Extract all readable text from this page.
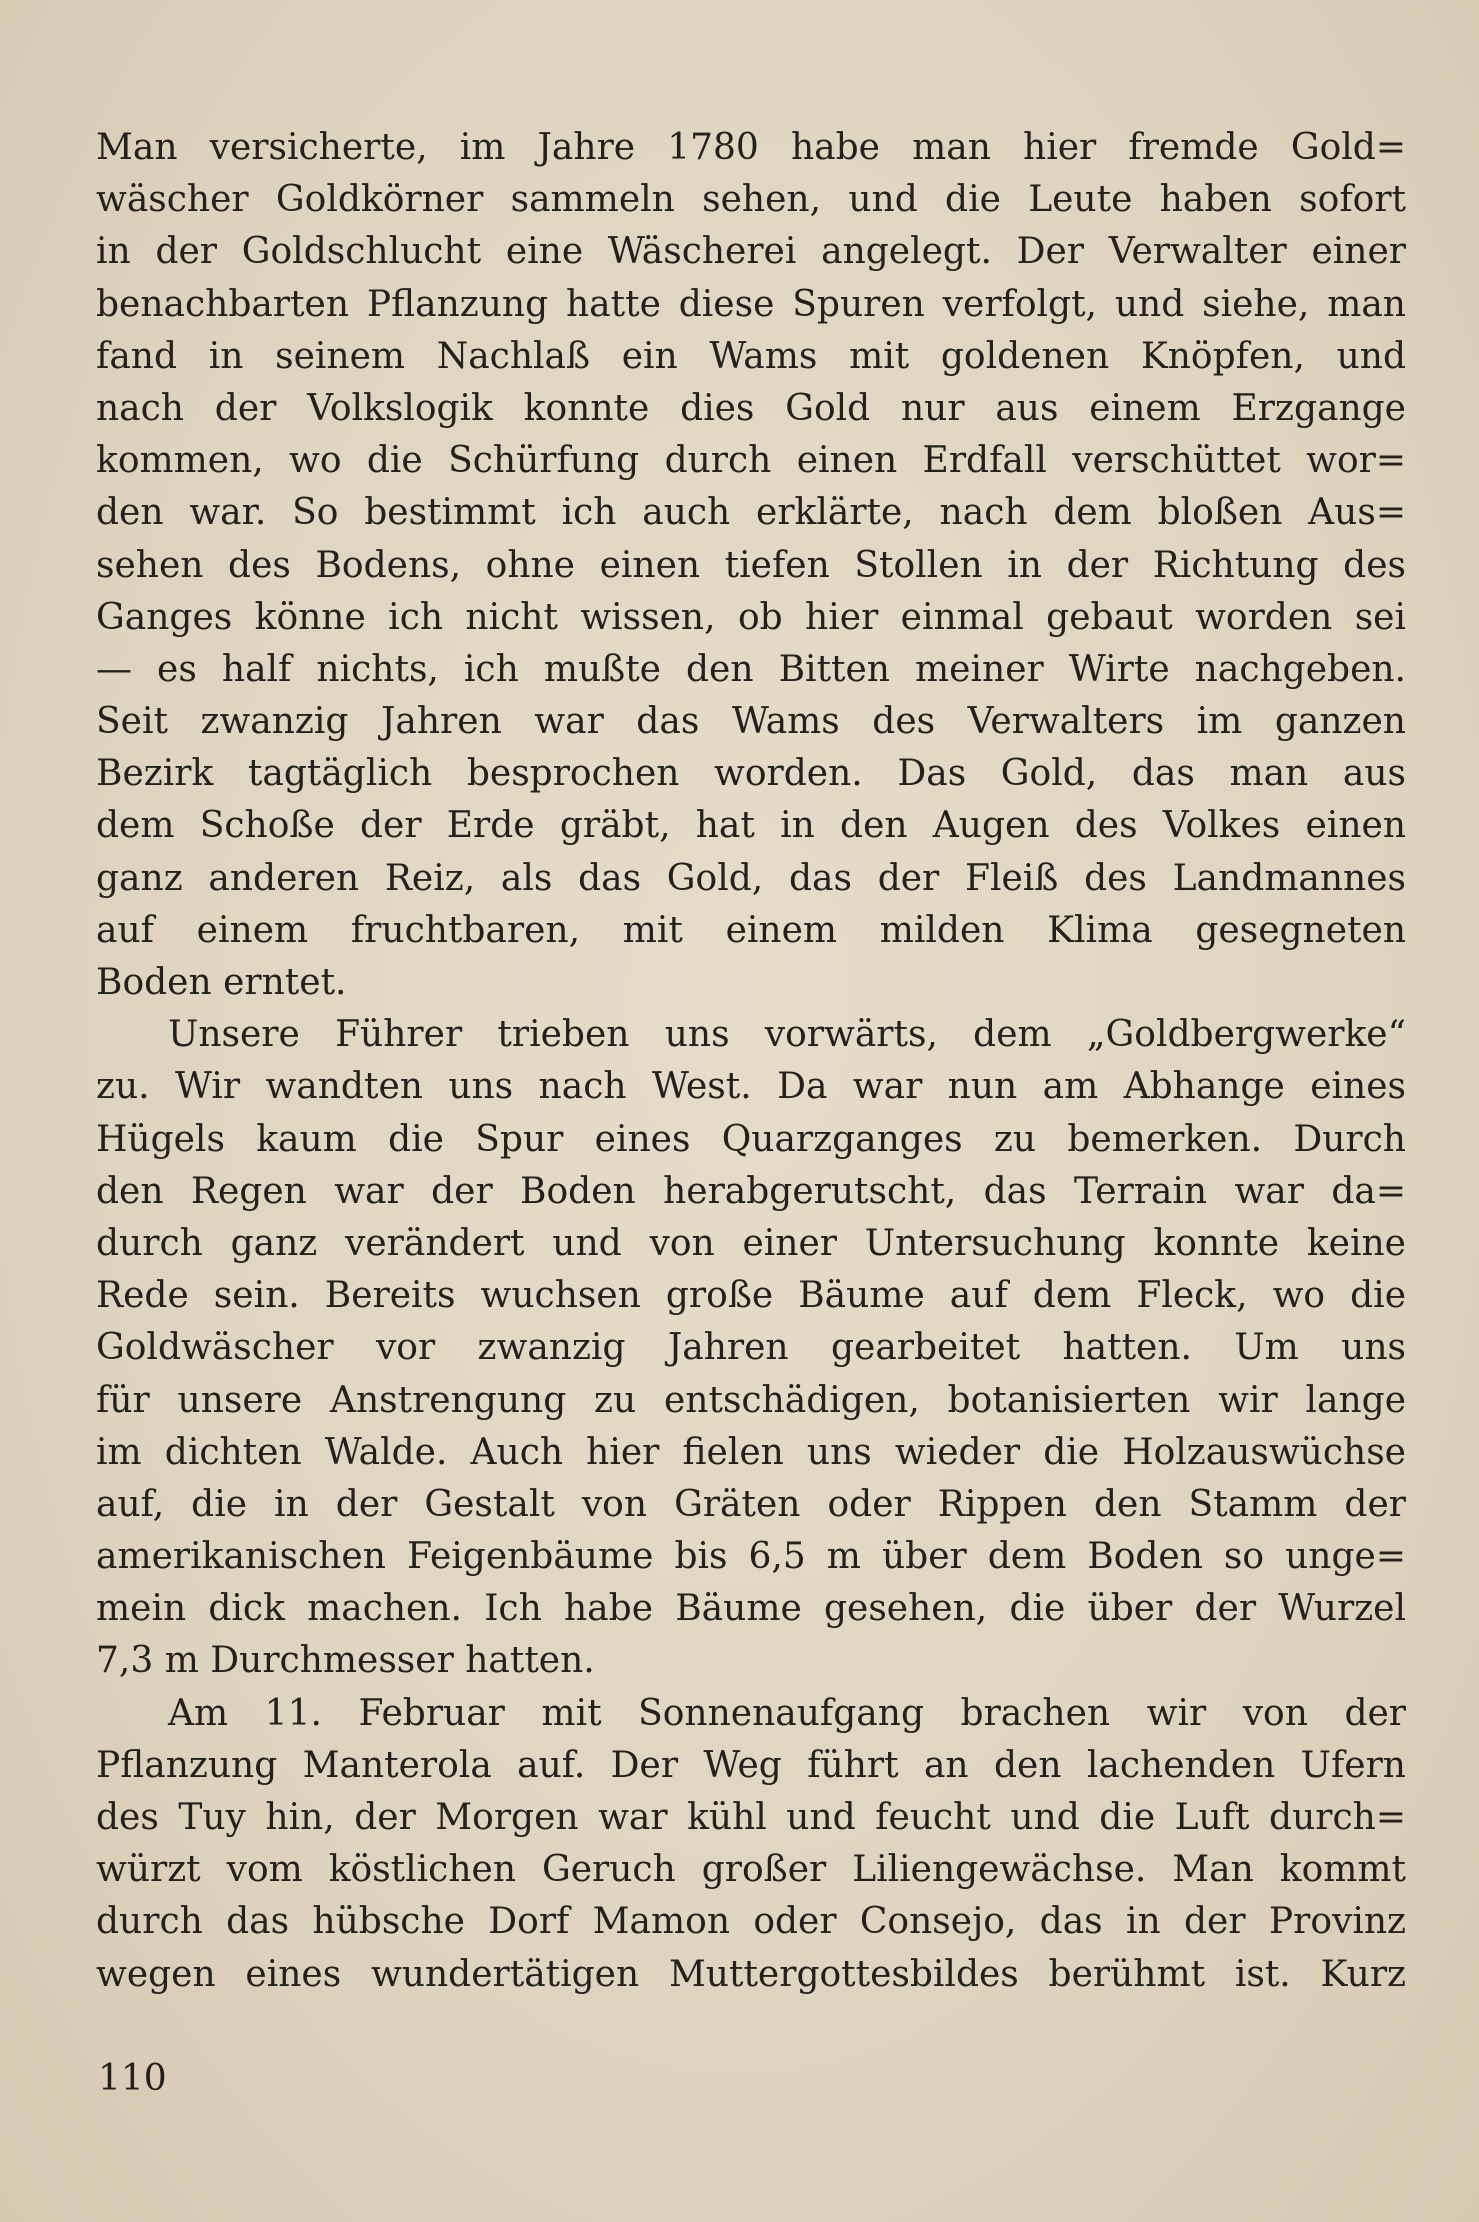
Man versicherte, im Jahre 1780 habe man hier fremde Gold=
wäscher Goldkörner sammeln sehen, und die Leute haben sofort
in der Goldschlucht eine Wäscherei angelegt. Der Verwalter einer
benachbarten Pflanzung hatte diese Spuren verfolgt, und siehe, man
fand in seinem Nachlaß ein Wams mit goldenen Knöpfen, und
nach der Volkslogik konnte dies Gold nur aus einem Erzgange
kommen, wo die Schürfung durch einen Erdfall verschüttet wor=
den war. So bestimmt ich auch erklärte, nach dem bloßen Aus=
sehen des Bodens, ohne einen tiefen Stollen in der Richtung des
Ganges könne ich nicht wissen, ob hier einmal gebaut worden sei
— es half nichts, ich mußte den Bitten meiner Wirte nachgeben.
Seit zwanzig Jahren war das Wams des Verwalters im ganzen
Bezirk tagtäglich besprochen worden. Das Gold, das man aus
dem Schoße der Erde gräbt, hat in den Augen des Volkes einen
ganz anderen Reiz, als das Gold, das der Fleiß des Landmannes
auf einem fruchtbaren, mit einem milden Klima gesegneten
Boden erntet.
Unsere Führer trieben uns vorwärts, dem „Goldbergwerke“
zu. Wir wandten uns nach West. Da war nun am Abhange eines
Hügels kaum die Spur eines Quarzganges zu bemerken. Durch
den Regen war der Boden herabgerutscht, das Terrain war da=
durch ganz verändert und von einer Untersuchung konnte keine
Rede sein. Bereits wuchsen große Bäume auf dem Fleck, wo die
Goldwäscher vor zwanzig Jahren gearbeitet hatten. Um uns
für unsere Anstrengung zu entschädigen, botanisierten wir lange
im dichten Walde. Auch hier fielen uns wieder die Holzauswüchse
auf, die in der Gestalt von Gräten oder Rippen den Stamm der
amerikanischen Feigenbäume bis 6,5 m über dem Boden so unge=
mein dick machen. Ich habe Bäume gesehen, die über der Wurzel
7,3 m Durchmesser hatten.
Am 11. Februar mit Sonnenaufgang brachen wir von der
Pflanzung Manterola auf. Der Weg führt an den lachenden Ufern
des Tuy hin, der Morgen war kühl und feucht und die Luft durch=
würzt vom köstlichen Geruch großer Liliengewächse. Man kommt
durch das hübsche Dorf Mamon oder Consejo, das in der Provinz
wegen eines wundertätigen Muttergottesbildes berühmt ist. Kurz
110
